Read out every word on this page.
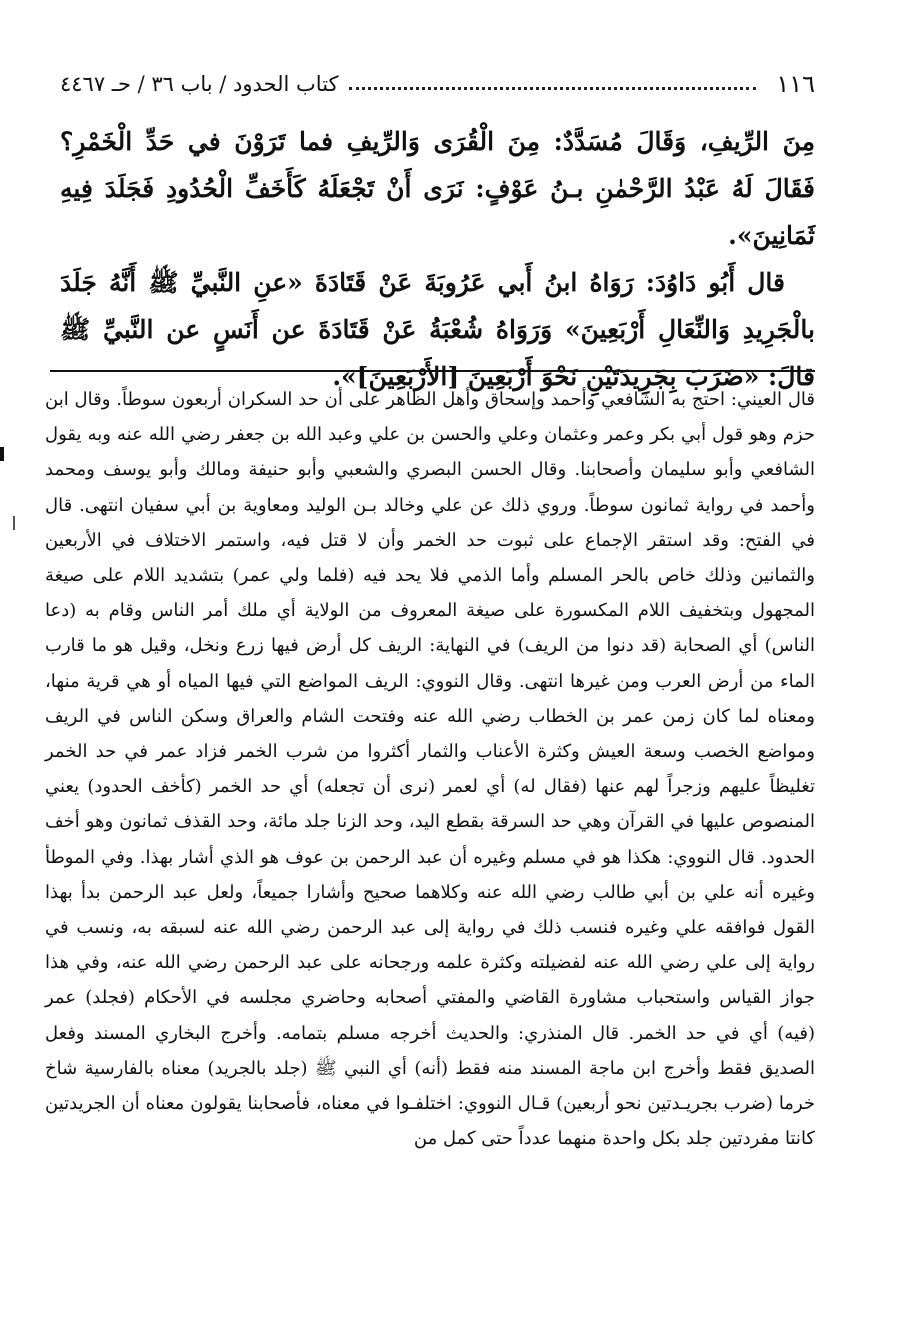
١١٦
كتاب الحدود / باب ٣٦ / حـ ٤٤٦٧

مِنَ الرِّيفِ، وَقَالَ مُسَدَّدٌ: مِنَ الْقُرَى وَالرِّيفِ فما تَرَوْنَ في حَدِّ الْخَمْرِ؟ فَقَالَ لَهُ عَبْدُ الرَّحْمٰنِ بـنُ عَوْفٍ: نَرَى أَنْ تَجْعَلَهُ كَأَخَفِّ الْحُدُودِ فَجَلَدَ فِيهِ ثَمَانِينَ».

قال أَبُو دَاوُدَ: رَوَاهُ ابنُ أَبي عَرُوبَةَ عَنْ قَتَادَةَ «عنِ النَّبيِّ ﷺ أَنَّهُ جَلَدَ بالْجَرِيدِ وَالنِّعَالِ أَرْبَعِينَ» وَرَوَاهُ شُعْبَةُ عَنْ قَتَادَةَ عن أَنَسٍ عن النَّبيِّ ﷺ قالَ: «ضَرَبَ بِجَرِيدَتَيْنِ نَحْوَ أَرْبَعِينَ [الأَرْبَعِينَ]».

قال العيني: احتج به الشافعي وأحمد وإسحاق وأهل الظاهر على أن حد السكران أربعون سوطاً. وقال ابن حزم وهو قول أبي بكر وعمر وعثمان وعلي والحسن بن علي وعبد الله بن جعفر رضي الله عنه وبه يقول الشافعي وأبو سليمان وأصحابنا. وقال الحسن البصري والشعبي وأبو حنيفة ومالك وأبو يوسف ومحمد وأحمد في رواية ثمانون سوطاً. وروي ذلك عن علي وخالد بـن الوليد ومعاوية بن أبي سفيان انتهى. قال في الفتح: وقد استقر الإجماع على ثبوت حد الخمر وأن لا قتل فيه، واستمر الاختلاف في الأربعين والثمانين وذلك خاص بالحر المسلم وأما الذمي فلا يحد فيه (فلما ولي عمر) بتشديد اللام على صيغة المجهول وبتخفيف اللام المكسورة على صيغة المعروف من الولاية أي ملك أمر الناس وقام به (دعا الناس) أي الصحابة (قد دنوا من الريف) في النهاية: الريف كل أرض فيها زرع ونخل، وقيل هو ما قارب الماء من أرض العرب ومن غيرها انتهى. وقال النووي: الريف المواضع التي فيها المياه أو هي قرية منها، ومعناه لما كان زمن عمر بن الخطاب رضي الله عنه وفتحت الشام والعراق وسكن الناس في الريف ومواضع الخصب وسعة العيش وكثرة الأعناب والثمار أكثروا من شرب الخمر فزاد عمر في حد الخمر تغليظاً عليهم وزجراً لهم عنها (فقال له) أي لعمر (نرى أن تجعله) أي حد الخمر (كأخف الحدود) يعني المنصوص عليها في القرآن وهي حد السرقة بقطع اليد، وحد الزنا جلد مائة، وحد القذف ثمانون وهو أخف الحدود. قال النووي: هكذا هو في مسلم وغيره أن عبد الرحمن بن عوف هو الذي أشار بهذا. وفي الموطأ وغيره أنه علي بن أبي طالب رضي الله عنه وكلاهما صحيح وأشارا جميعاً، ولعل عبد الرحمن بدأ بهذا القول فوافقه علي وغيره فنسب ذلك في رواية إلى عبد الرحمن رضي الله عنه لسبقه به، ونسب في رواية إلى علي رضي الله عنه لفضيلته وكثرة علمه ورجحانه على عبد الرحمن رضي الله عنه، وفي هذا جواز القياس واستحباب مشاورة القاضي والمفتي أصحابه وحاضري مجلسه في الأحكام (فجلد) عمر (فيه) أي في حد الخمر. قال المنذري: والحديث أخرجه مسلم بتمامه. وأخرج البخاري المسند وفعل الصديق فقط وأخرج ابن ماجة المسند منه فقط (أنه) أي النبي ﷺ (جلد بالجريد) معناه بالفارسية شاخ خرما (ضرب بجريـدتين نحو أربعين) قـال النووي: اختلفـوا في معناه، فأصحابنا يقولون معناه أن الجريدتين كانتا مفردتين جلد بكل واحدة منهما عدداً حتى كمل من
